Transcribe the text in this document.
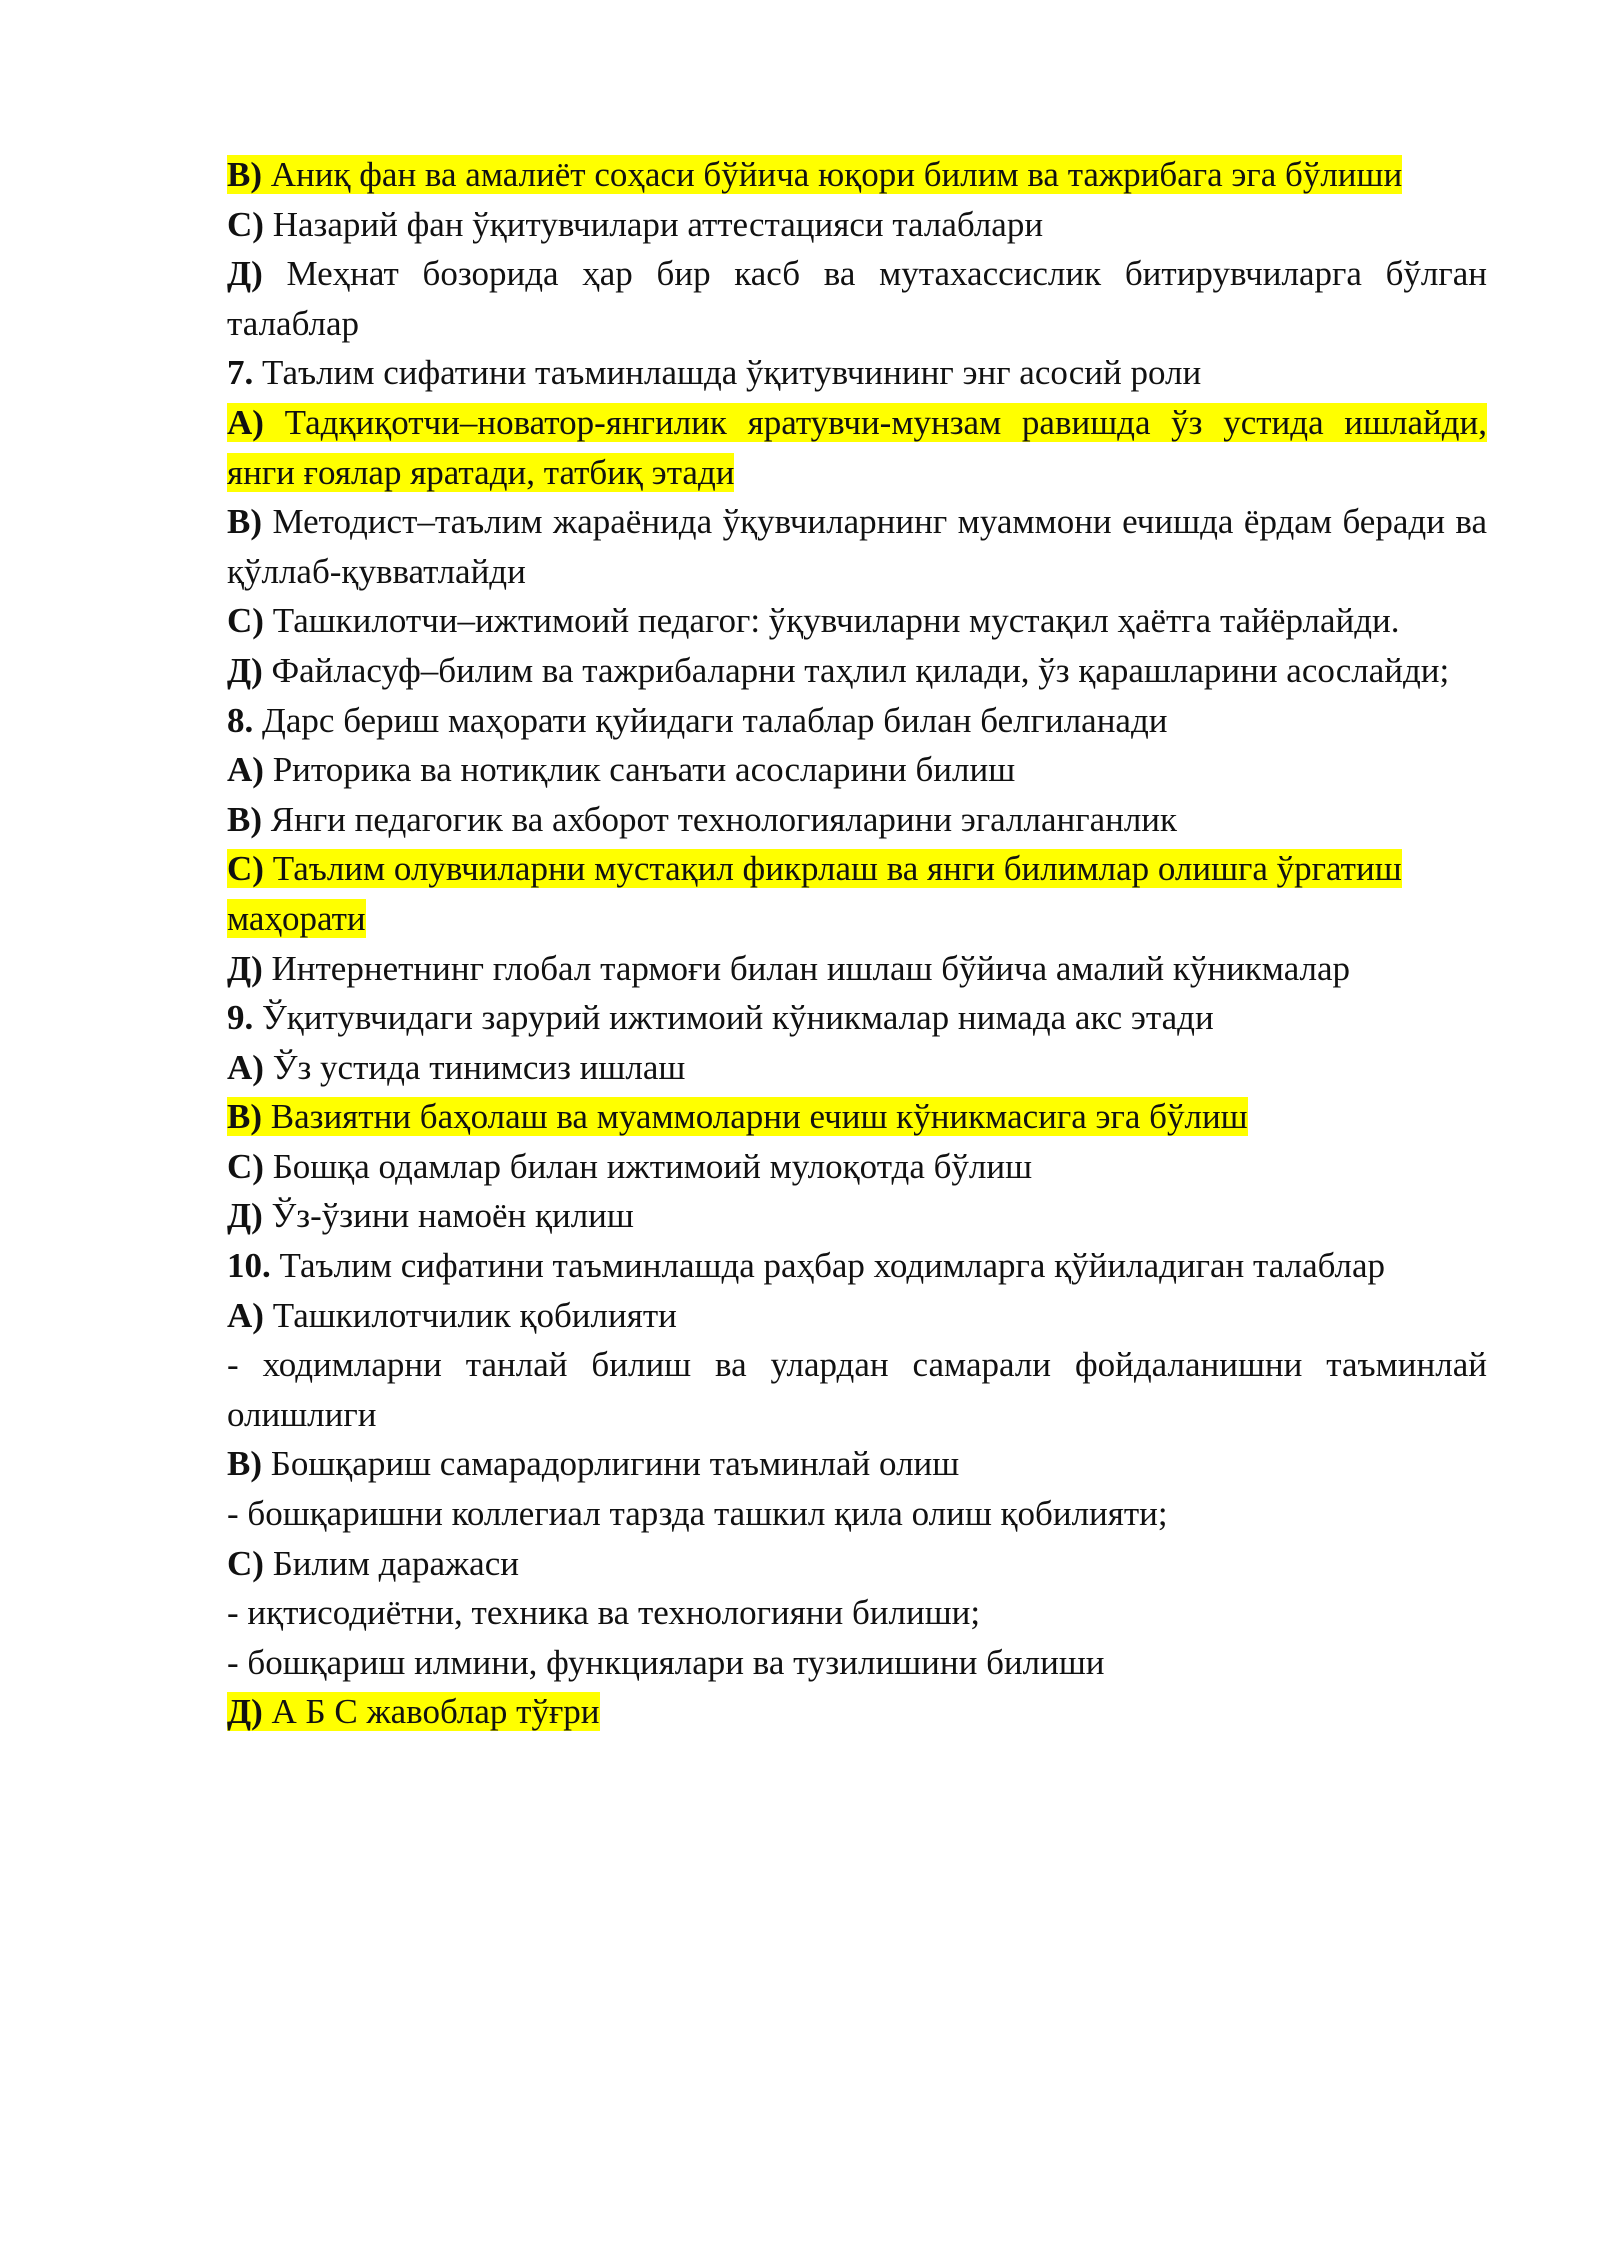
В) Аниқ фан ва амалиёт соҳаси бўйича юқори билим ва тажрибага эга бўлиши

С) Назарий фан ўқитувчилари аттестацияси талаблари

Д) Меҳнат бозорида ҳар бир касб ва мутахассислик битирувчиларга бўлган талаблар

7. Таълим сифатини таъминлашда ўқитувчининг энг асосий роли

А) Тадқиқотчи–новатор-янгилик яратувчи-мунзам равишда ўз устида ишлайди, янги ғоялар яратади, татбиқ этади

В) Методист–таълим жараёнида ўқувчиларнинг муаммони ечишда ёрдам беради ва қўллаб-қувватлайди

С) Ташкилотчи–ижтимоий педагог: ўқувчиларни мустақил ҳаётга тайёрлайди.

Д) Файласуф–билим ва тажрибаларни таҳлил қилади, ўз қарашларини асослайди;

8. Дарс бериш маҳорати қуйидаги талаблар билан белгиланади

А) Риторика ва нотиқлик санъати асосларини билиш

В) Янги педагогик ва ахборот технологияларини эгалланганлик

С) Таълим олувчиларни мустақил фикрлаш ва янги билимлар олишга ўргатиш маҳорати

Д) Интернетнинг глобал тармоғи билан ишлаш бўйича амалий кўникмалар

9. Ўқитувчидаги зарурий ижтимоий кўникмалар нимада акс этади

А) Ўз устида тинимсиз ишлаш

В) Вазиятни баҳолаш ва муаммоларни ечиш кўникмасига эга бўлиш

С) Бошқа одамлар билан ижтимоий мулоқотда бўлиш

Д) Ўз-ўзини намоён қилиш

10. Таълим сифатини таъминлашда раҳбар ходимларга қўйиладиган талаблар

А) Ташкилотчилик қобилияти

- ходимларни танлай билиш ва улардан самарали фойдаланишни таъминлай олишлиги

В) Бошқариш самарадорлигини таъминлай олиш

- бошқаришни коллегиал тарзда ташкил қила олиш қобилияти;

С) Билим даражаси

- иқтисодиётни, техника ва технологияни билиши;

- бошқариш илмини, функциялари ва тузилишини билиши

Д) А Б С жавоблар тўғри
